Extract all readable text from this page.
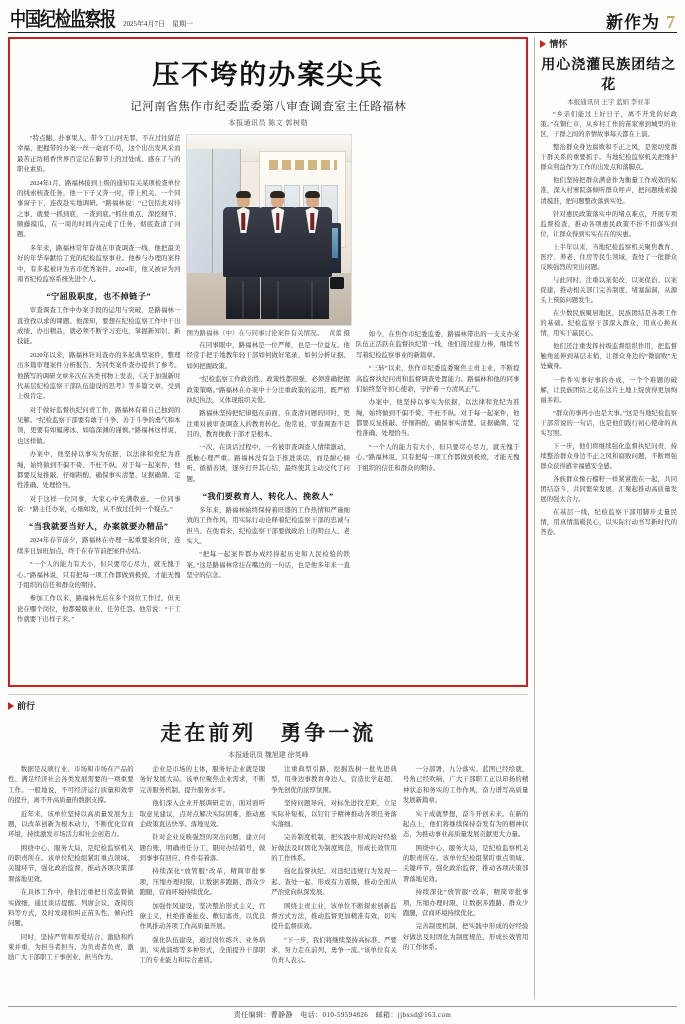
中国纪检监察报 2025年4月7日　星期一	新作为 7
压不垮的办案尖兵
记河南省焦作市纪委监委第八审查调查室主任路福林
本报通讯员 陈文 郭树勋

“特点翻、扑事果人、带今工山河无罪、不在过往留茫幸福，把握带的办案一丝一毫而不苟，这个出出发风采而最苦正坊稻香世界百定记在脚节上的过处成、感在了与的职业素质。

2024年1月，路福林接到上级的通知有关某项检查单位的线索核查任务，他一下子又奔一时，带上机关、一个同事窗子下，连夜赴实地调研。“路福林说：“已包括此对待之事，就要一抓到底，一查到底。”抓住重点、深挖细节、顺藤摸瓜，在一周的时间内完成了任务，彻底查清了问题。

多年来，路福林常年奋战在审查调查一线，他把最美好的年华奉献给了党的纪检监察事业。他参与办理的案件中，有多起被评为省市优秀案件。2024年，他又被评为河南省纪检监察系统先进个人。

“宁屈股职度，也不掉链子”

审查调查工作中办案手段的运用与突破，是路福林一直孜孜以求的课题。他深知，要想在纪检监察工作中干出成绩、办出精品，就必须不断学习充电，掌握新知识、新技能。

2020年以来，路福林针对查办的多起典型案件，整理出多篇审理案件分析报告，为同类案件查办提供了参考。他撰写的调研文章多次在各类刊物上发表，《关于加强新时代基层纪检监察干部队伍建设的思考》等多篇文章，受到上级肯定。

对于做好监督执纪问责工作，路福林有着自己独到的见解。“纪检监察干部要有敢于斗争、善于斗争的勇气和本领，更要有如履薄冰、如临深渊的谨慎。”路福林这样说，也这样做。

办案中，他坚持以事实为依据，以法律和党纪为准绳，始终做到不偏不倚、不枉不纵。对于每一起案件，他都要反复推敲、仔细斟酌，确保事实清楚、证据确凿、定性准确、处理恰当。

对于这样一位同事，大家心中充满敬意。一位同事说：“路主任办案，心细如发，从不放过任何一个疑点。”

“当我就要当好人，办案就要办精品”

2024年春节前夕，路福林在办理一起重要案件时，连续多日加班加点，终于在春节前把案件办结。

“一个人的能力有大小，但只要尽心尽力，就无愧于心。”路福林说，只有把每一项工作都做到极致，才能无愧于组织的信任和群众的期待。

参加工作以来，路福林先后在多个岗位工作过，但无论在哪个岗位，他都兢兢业业、任劳任怨。他常说：“干工作就要干出样子来。”

图为路福林（中）在与同事讨论案件有关情况。 黄蕾 摄

在同事眼中，路福林是一位严师，也是一位益友。他经常手把手地教年轻干部如何做好笔录、如何分析证据、如何把握政策。

“纪检监察工作政治性、政策性都很强，必须准确把握政策策略。”路福林在办案中十分注重政策的运用，既严格执纪执法，又体现组织关爱。

路福林坚持把纪律挺在前面，在查清问题的同时，更注重对被审查调查人的教育转化。他常说，审查调查不是目的，教育挽救干部才是根本。

一次，在谈话过程中，一名被审查调查人情绪激动、抵触心理严重。路福林没有急于推进谈话，而是耐心倾听、循循善诱，逐步打开其心结，最终使其主动交代了问题。

“我们要救育人、转化人、挽救人”

多年来，路福林始终保持着旺盛的工作热情和严谨细致的工作作风，用实际行动诠释着纪检监察干部的忠诚与担当。在他看来，纪检监察干部要做政治上的明白人、老实人。

“把每一起案件都办成经得起历史和人民检验的铁案。”这是路福林常挂在嘴边的一句话，也是他多年来一直坚守的信念。

如今，在焦作市纪委监委，路福林带出的一支支办案队伍正活跃在监督执纪第一线，他们接过接力棒，继续书写着纪检监察事业的新篇章。

“三转”以来，焦作市纪委监委聚焦主责主业，不断提高监督执纪问责和监督调查处置能力。路福林和他的同事们始终坚守初心使命，守护着一方清风正气。

办案中，他坚持以事实为依据，以法律和党纪为准绳，始终做到不偏不倚、不枉不纵。对于每一起案件，他都要反复推敲、仔细斟酌，确保事实清楚、证据确凿、定性准确、处理恰当。

“一个人的能力有大小，但只要尽心尽力，就无愧于心。”路福林说，只有把每一项工作都做到极致，才能无愧于组织的信任和群众的期待。

前行
走在前列　勇争一流
本报通讯员 魏旭建 徐英峰

数据是反映行业、市场和市场在产品的性、满足经济社会各类发展需要的一项重要工作。一般地说，不可经济运行质量和效率的提升，离不开高质量的数据支撑。

近年来，该单位坚持以高质量发展为主题，以改革创新为根本动力，不断优化营商环境，持续激发市场活力和社会创造力。

围绕中心、服务大局，是纪检监察机关的职责所在。该单位纪检组紧盯重点领域、关键环节，强化政治监督，推动各项决策部署落地见效。

在具体工作中，他们注重把日常监督做实做细，通过谈话提醒、列席会议、查阅资料等方式，及时发现和纠正苗头性、倾向性问题。

同时，坚持严管和厚爱结合、激励和约束并重，为担当者担当、为负责者负责，激励广大干部职工干事创业、担当作为。

企业是市场的主体，服务好企业就是服务好发展大局。该单位聚焦企业需求，不断完善服务机制，提升服务水平。

他们深入企业开展调研走访，面对面听取意见建议，点对点解决实际困难，推动惠企政策直达快享、落地见效。

针对企业反映强烈的突出问题，建立问题台账，明确责任分工，限时办结销号，做到事事有回应、件件有着落。

持续深化“放管服”改革，精简审批事项，压缩办理时限，让数据多跑路、群众少跑腿，营商环境持续优化。

加强作风建设，坚决整治形式主义、官僚主义，杜绝推诿扯皮、敷衍塞责，以优良作风推动各项工作高质量开展。

强化队伍建设，通过岗位练兵、业务培训、实战演练等多种形式，全面提升干部职工的专业能力和综合素质。

注重典型引路，挖掘选树一批先进典型，用身边事教育身边人，营造比学赶超、争先创优的浓厚氛围。

坚持问题导向，对标先进找差距，立足实际补短板，以钉钉子精神推动各项任务落实落细。

完善制度机制，把实践中形成的好经验好做法及时固化为制度规范，形成长效管用的工作体系。

强化监督执纪，对违纪违规行为发现一起、查处一起，形成有力震慑，推动全面从严治党向纵深发展。

围绕主责主业，该单位不断探索创新监督方式方法，推动监督更加精准有效，切实提升监督质效。

“下一步，我们将继续坚持高标准、严要求，努力走在前列、勇争一流。”该单位有关负责人表示。

一分部署，九分落实。蓝图已经绘就，号角已经吹响，广大干部职工正以昂扬的精神状态和务实的工作作风，奋力谱写高质量发展新篇章。

实干成就梦想，奋斗开创未来。在新的起点上，他们将继续保持奋发有为的精神状态，为推动事业高质量发展贡献更大力量。

围绕中心、服务大局，是纪检监察机关的职责所在。该单位纪检组紧盯重点领域、关键环节，强化政治监督，推动各项决策部署落地见效。

持续深化“放管服”改革，精简审批事项，压缩办理时限，让数据多跑路、群众少跑腿，营商环境持续优化。

完善制度机制，把实践中形成的好经验好做法及时固化为制度规范，形成长效管用的工作体系。

情怀
用心浇灌民族团结之花
本报通讯员 王宇 蓝娟 李亚菲

“乡亲们能过上好日子，离不开党的好政策。”在铜仁市，从乡村工作的苗家寨到城里的社区，干群之间的亲情故事每天都在上演。

整治群众身边腐败和不正之风，是密切党群干群关系的重要抓手。当地纪检监察机关把维护群众利益作为工作的出发点和落脚点。

他们坚持把群众满意作为衡量工作成效的标准，深入村寨院落倾听群众呼声，把问题线索摸清摸准，把问题整改落到实处。

针对惠民政策落实中的堵点难点，开展专项监督检查，推动各项惠民政策不折不扣落实到位，让群众得到实实在在的实惠。

上半年以来，当地纪检监察机关聚焦教育、医疗、养老、住房等民生领域，查处了一批群众反映强烈的突出问题。

与此同时，注重以案促改、以案促治、以案促建，推动相关部门完善制度、堵塞漏洞，从源头上预防问题发生。

在少数民族聚居地区，民族团结是各项工作的基础。纪检监察干部深入群众，用真心换真情，用实干赢民心。

他们还注重发挥村级监督组织作用，把监督触角延伸到基层末梢，让群众身边的“微腐败”无处藏身。

一件件实事好事的办成，一个个难题的破解，让民族团结之花在这片土地上绽放得更加绚丽多彩。

“群众的事再小也是大事。”这是当地纪检监察干部常说的一句话，也是他们践行初心使命的真实写照。

下一步，他们将继续强化监督执纪问责，持续整治群众身边不正之风和腐败问题，不断增强群众获得感幸福感安全感。

各族群众像石榴籽一样紧紧抱在一起，共同团结奋斗、共同繁荣发展，汇聚起推动高质量发展的强大合力。

在基层一线，纪检监察干部用脚步丈量民情，用真情温暖民心，以实际行动书写新时代的答卷。

责任编辑：曹静静　电话：010-59594826　邮箱：jjbxsd@163.com
